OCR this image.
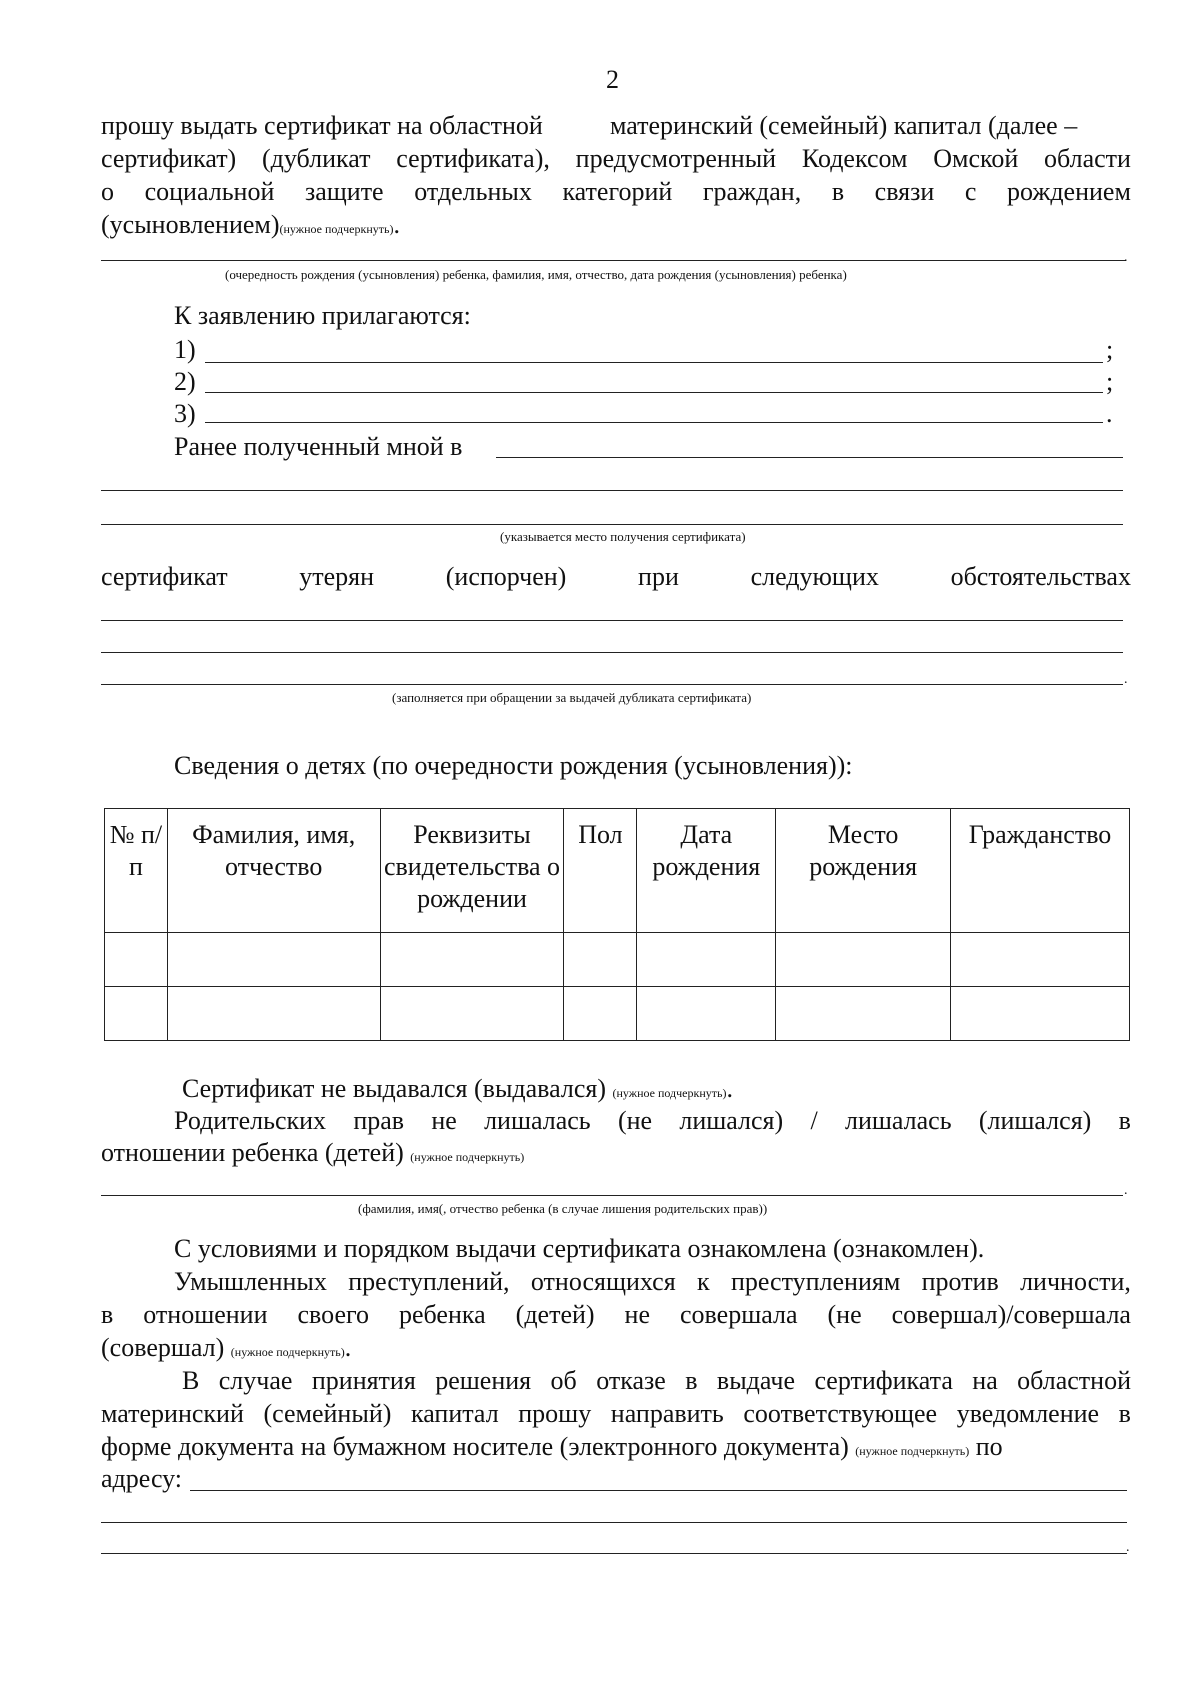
2
прошу выдать сертификат на областной	материнский (семейный) капитал (далее –
сертификат) (дубликат сертификата), предусмотренный Кодексом Омской области
о социальной защите отдельных категорий граждан, в связи с рождением
(усыновлением)(нужное подчеркнуть).
.
(очередность рождения (усыновления) ребенка, фамилия, имя, отчество, дата рождения (усыновления) ребенка)
К заявлению прилагаются:
1)	;
2)	;
3)	.
Ранее полученный мной в
(указывается место получения сертификата)
сертификат	утерян	(испорчен)	при	следующих	обстоятельствах
.
(заполняется при обращении за выдачей дубликата сертификата)
Сведения о детях (по очередности рождения (усыновления)):
№ п/п	Фамилия, имя, отчество	Реквизиты свидетельства о рождении	Пол	Дата рождения	Место рождения	Гражданство

Сертификат не выдавался (выдавался) (нужное подчеркнуть).
Родительских прав не лишалась (не лишался) / лишалась (лишался) в
отношении ребенка (детей) (нужное подчеркнуть)
.
(фамилия, имя(, отчество ребенка (в случае лишения родительских прав))
С условиями и порядком выдачи сертификата ознакомлена (ознакомлен).
Умышленных преступлений, относящихся к преступлениям против личности,
в отношении своего ребенка (детей) не совершала (не совершал)/совершала
(совершал) (нужное подчеркнуть).
В случае принятия решения об отказе в выдаче сертификата на областной
материнский (семейный) капитал прошу направить соответствующее уведомление в
форме документа на бумажном носителе (электронного документа) (нужное подчеркнуть) по
адресу:
.
